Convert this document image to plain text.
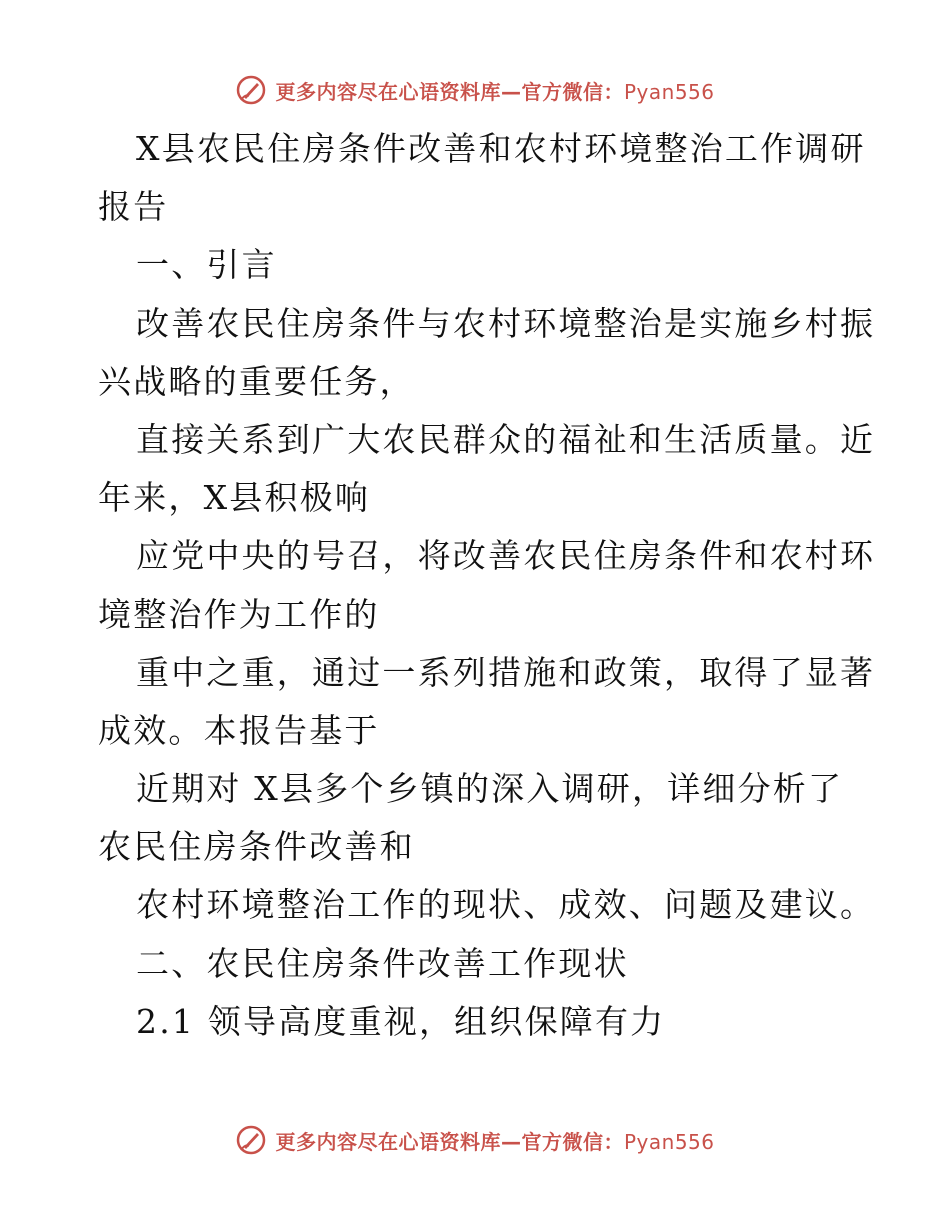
更多内容尽在心语资料库—官方微信：Pyan556
X县农民住房条件改善和农村环境整治工作调研
报告
一、引言
改善农民住房条件与农村环境整治是实施乡村振
兴战略的重要任务，
直接关系到广大农民群众的福祉和生活质量。近
年来，X县积极响
应党中央的号召，将改善农民住房条件和农村环
境整治作为工作的
重中之重，通过一系列措施和政策，取得了显著
成效。本报告基于
近期对 X县多个乡镇的深入调研，详细分析了
农民住房条件改善和
农村环境整治工作的现状、成效、问题及建议。
二、农民住房条件改善工作现状
2.1 领导高度重视，组织保障有力
更多内容尽在心语资料库—官方微信：Pyan556
